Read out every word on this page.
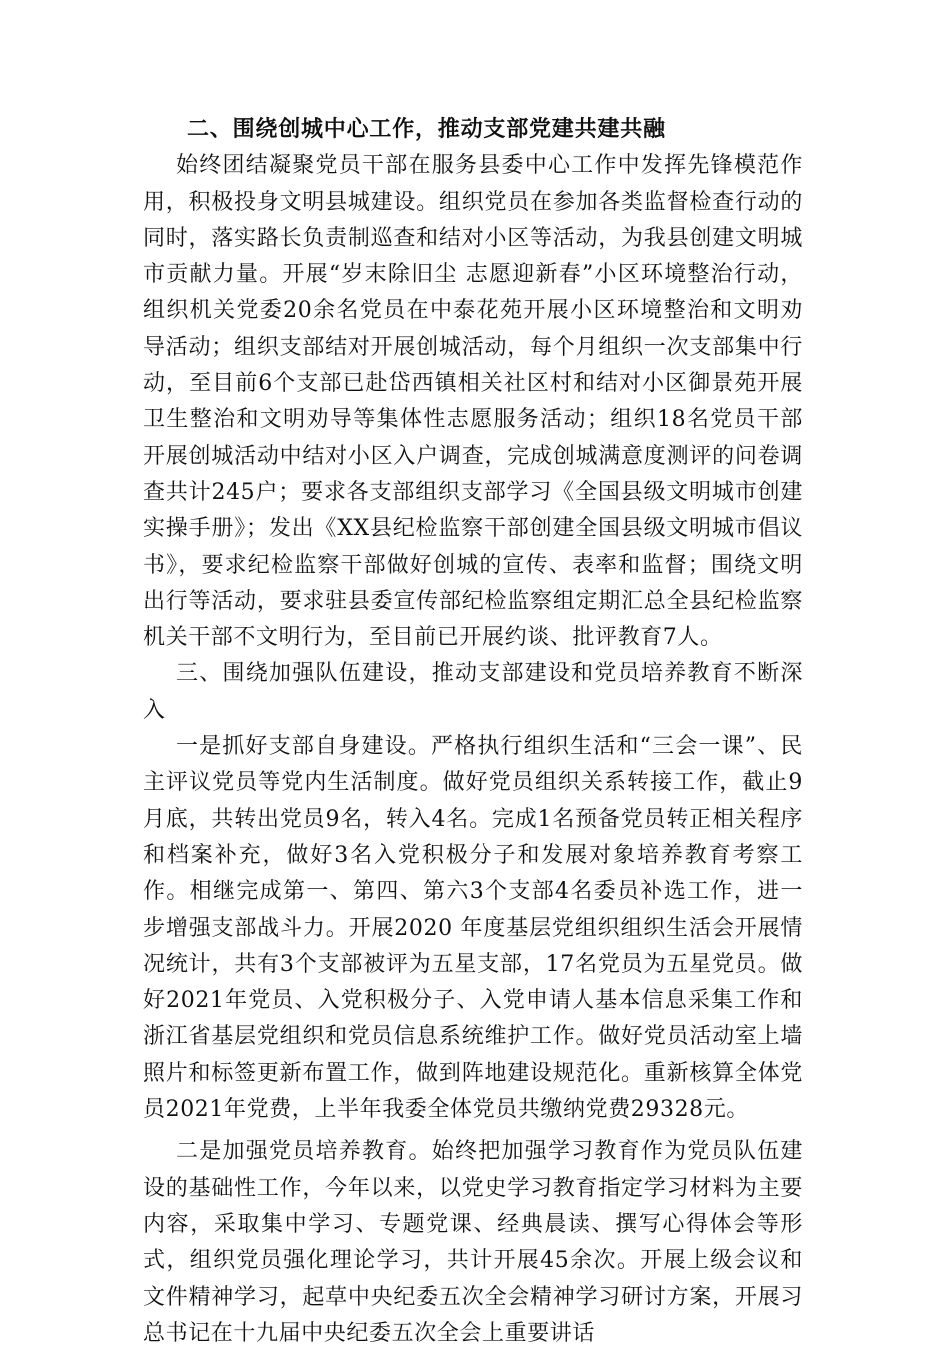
二、围绕创城中心工作，推动支部党建共建共融

始终团结凝聚党员干部在服务县委中心工作中发挥先锋模范作用，积极投身文明县城建设。组织党员在参加各类监督检查行动的同时，落实路长负责制巡查和结对小区等活动，为我县创建文明城市贡献力量。开展“岁末除旧尘 志愿迎新春”小区环境整治行动，组织机关党委20余名党员在中泰花苑开展小区环境整治和文明劝导活动；组织支部结对开展创城活动，每个月组织一次支部集中行动，至目前6个支部已赴岱西镇相关社区村和结对小区御景苑开展卫生整治和文明劝导等集体性志愿服务活动；组织18名党员干部开展创城活动中结对小区入户调查，完成创城满意度测评的问卷调查共计245户；要求各支部组织支部学习《全国县级文明城市创建实操手册》；发出《XX县纪检监察干部创建全国县级文明城市倡议书》，要求纪检监察干部做好创城的宣传、表率和监督；围绕文明出行等活动，要求驻县委宣传部纪检监察组定期汇总全县纪检监察机关干部不文明行为，至目前已开展约谈、批评教育7人。

三、围绕加强队伍建设，推动支部建设和党员培养教育不断深入

一是抓好支部自身建设。严格执行组织生活和“三会一课”、民主评议党员等党内生活制度。做好党员组织关系转接工作，截止9月底，共转出党员9名，转入4名。完成1名预备党员转正相关程序和档案补充，做好3名入党积极分子和发展对象培养教育考察工作。相继完成第一、第四、第六3个支部4名委员补选工作，进一步增强支部战斗力。开展2020 年度基层党组织组织生活会开展情况统计，共有3个支部被评为五星支部，17名党员为五星党员。做好2021年党员、入党积极分子、入党申请人基本信息采集工作和浙江省基层党组织和党员信息系统维护工作。做好党员活动室上墙照片和标签更新布置工作，做到阵地建设规范化。重新核算全体党员2021年党费，上半年我委全体党员共缴纳党费29328元。

二是加强党员培养教育。始终把加强学习教育作为党员队伍建设的基础性工作，今年以来，以党史学习教育指定学习材料为主要内容，采取集中学习、专题党课、经典晨读、撰写心得体会等形式，组织党员强化理论学习，共计开展45余次。开展上级会议和文件精神学习，起草中央纪委五次全会精神学习研讨方案，开展习总书记在十九届中央纪委五次全会上重要讲话
